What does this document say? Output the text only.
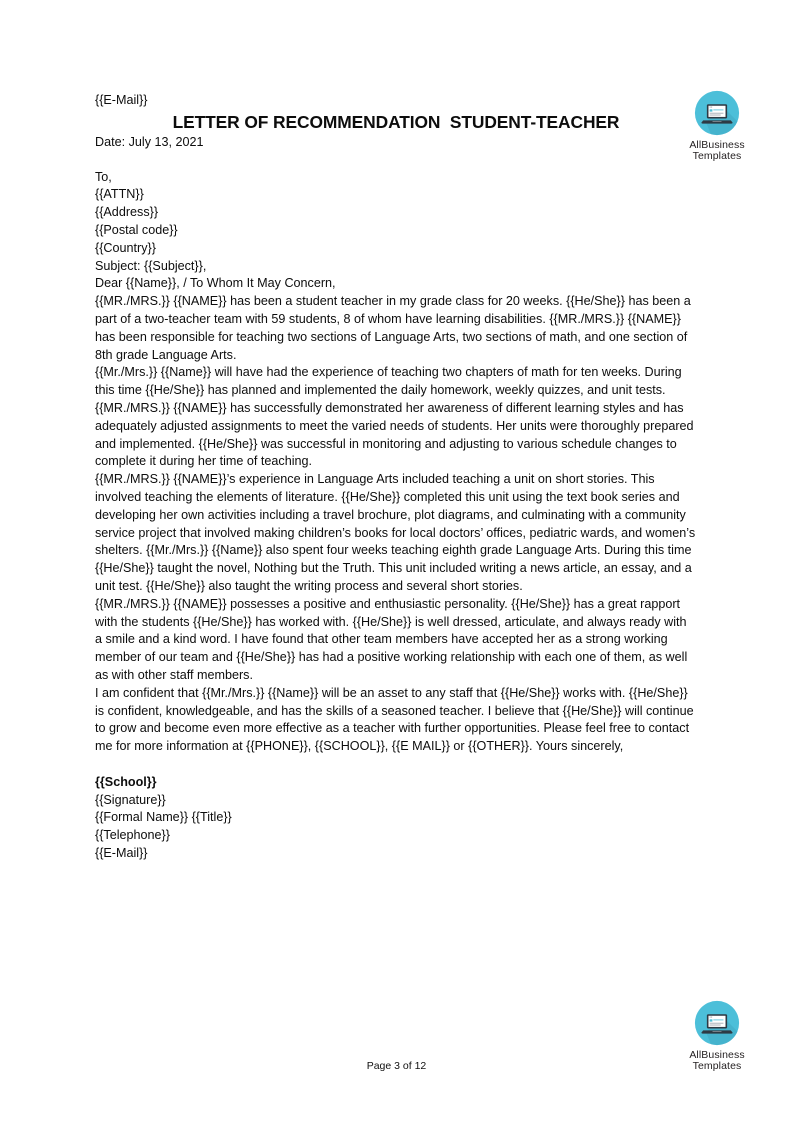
AllBusiness
Templates
AllBusiness
Templates

{{E-Mail}}

LETTER OF RECOMMENDATION  STUDENT-TEACHER

Date: July 13, 2021

To,

{{ATTN}}

{{Address}}

{{Postal code}}

{{Country}}

Subject: {{Subject}},

Dear {{Name}}, / To Whom It May Concern,

{{MR./MRS.}} {{NAME}} has been a student teacher in my grade class for 20 weeks. {{He/She}} has been a part of a two-teacher team with 59 students, 8 of whom have learning disabilities. {{MR./MRS.}} {{NAME}} has been responsible for teaching two sections of Language Arts, two sections of math, and one section of 8th grade Language Arts.

{{Mr./Mrs.}} {{Name}} will have had the experience of teaching two chapters of math for ten weeks. During this time {{He/She}} has planned and implemented the daily homework, weekly quizzes, and unit tests. {{MR./MRS.}} {{NAME}} has successfully demonstrated her awareness of different learning styles and has adequately adjusted assignments to meet the varied needs of students. Her units were thoroughly prepared and implemented. {{He/She}} was successful in monitoring and adjusting to various schedule changes to complete it during her time of teaching.

{{MR./MRS.}} {{NAME}}’s experience in Language Arts included teaching a unit on short stories. This involved teaching the elements of literature. {{He/She}} completed this unit using the text book series and developing her own activities including a travel brochure, plot diagrams, and culminating with a community service project that involved making children’s books for local doctors’ offices, pediatric wards, and women’s shelters. {{Mr./Mrs.}} {{Name}} also spent four weeks teaching eighth grade Language Arts. During this time {{He/She}} taught the novel, Nothing but the Truth. This unit included writing a news article, an essay, and a unit test. {{He/She}} also taught the writing process and several short stories.

{{MR./MRS.}} {{NAME}} possesses a positive and enthusiastic personality. {{He/She}} has a great rapport with the students {{He/She}} has worked with. {{He/She}} is well dressed, articulate, and always ready with a smile and a kind word. I have found that other team members have accepted her as a strong working member of our team and {{He/She}} has had a positive working relationship with each one of them, as well as with other staff members.

I am confident that {{Mr./Mrs.}} {{Name}} will be an asset to any staff that {{He/She}} works with. {{He/She}} is confident, knowledgeable, and has the skills of a seasoned teacher. I believe that {{He/She}} will continue to grow and become even more effective as a teacher with further opportunities. Please feel free to contact me for more information at {{PHONE}}, {{SCHOOL}}, {{E MAIL}} or {{OTHER}}. Yours sincerely,

{{School}}

{{Signature}}

{{Formal Name}} {{Title}}

{{Telephone}}

{{E-Mail}}

Page 3 of 12
